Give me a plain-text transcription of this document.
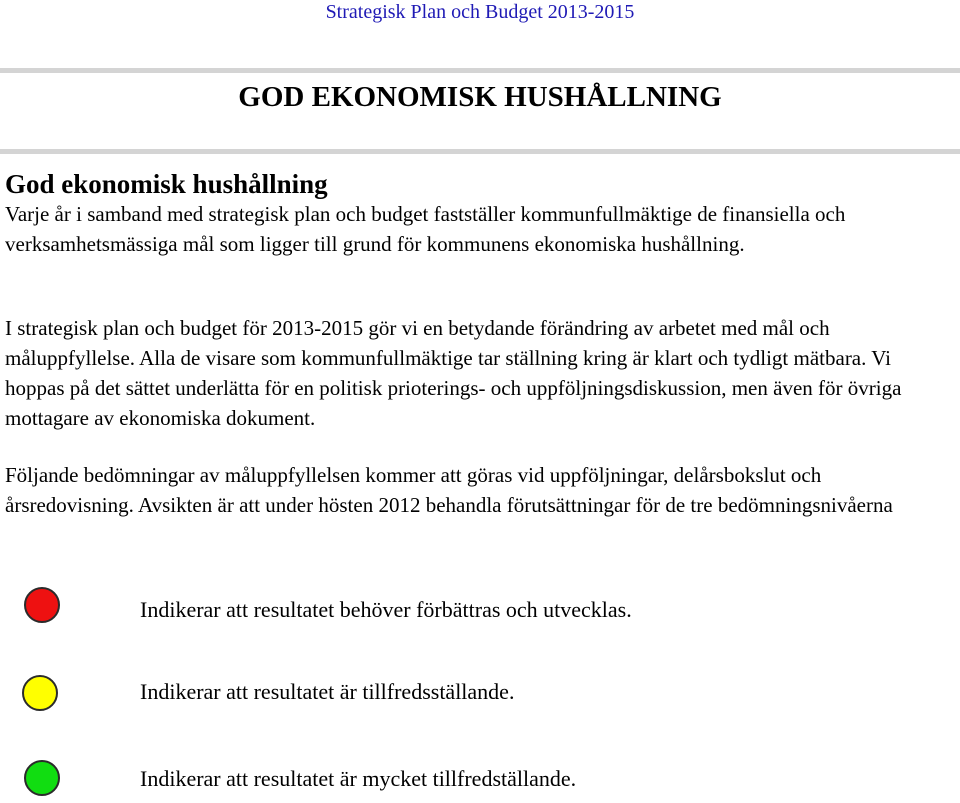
Strategisk Plan och Budget 2013-2015
GOD EKONOMISK HUSHÅLLNING
God ekonomisk hushållning

Varje år i samband med strategisk plan och budget fastställer kommunfullmäktige de finansiella och verksamhetsmässiga mål som ligger till grund för kommunens ekonomiska hushållning.

I strategisk plan och budget för 2013-2015 gör vi en betydande förändring av arbetet med mål och måluppfyllelse. Alla de visare som kommunfullmäktige tar ställning kring är klart och tydligt mätbara. Vi hoppas på det sättet underlätta för en politisk prioterings- och uppföljningsdiskussion, men även för övriga mottagare av ekonomiska dokument.

Följande bedömningar av måluppfyllelsen kommer att göras vid uppföljningar, delårsbokslut och årsredovisning. Avsikten är att under hösten 2012 behandla förutsättningar för de tre bedömningsnivåerna

Indikerar att resultatet behöver förbättras och utvecklas.
Indikerar att resultatet är tillfredsställande.
Indikerar att resultatet är mycket tillfredställande.
